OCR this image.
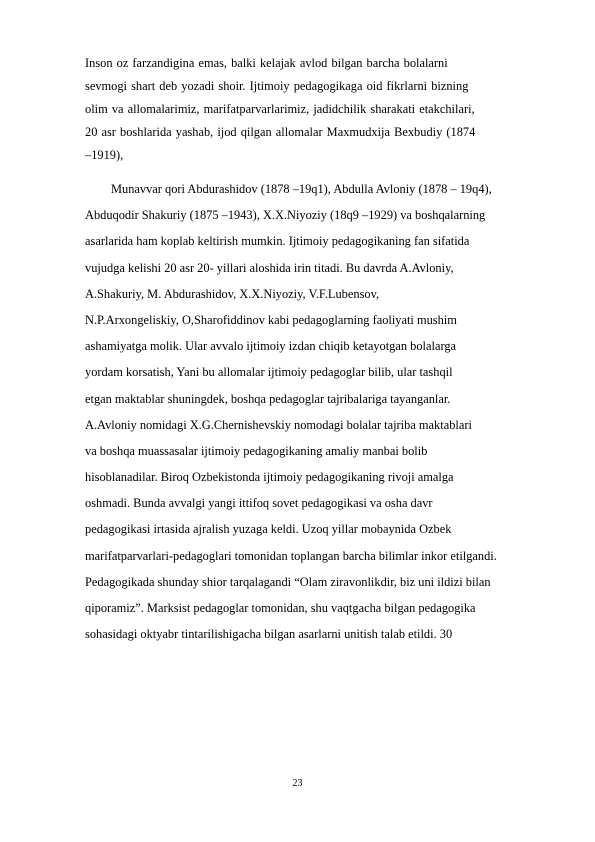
Inson oz farzandigina emas, balki kelajak avlod bilgan barcha bolalarni
sevmogi shart deb yozadi shoir. Ijtimoiy pedagogikaga oid fikrlarni bizning
olim va allomalarimiz, marifatparvarlarimiz, jadidchilik sharakati etakchilari,
20 asr boshlarida yashab, ijod qilgan allomalar Maxmudxija Bexbudiy (1874
–1919),
Munavvar qori Abdurashidov (1878 –19q1), Abdulla Avloniy (1878 – 19q4),
Abduqodir Shakuriy (1875 –1943), X.X.Niyoziy (18q9 –1929) va boshqalarning
asarlarida ham koplab keltirish mumkin. Ijtimoiy pedagogikaning fan sifatida
vujudga kelishi 20 asr 20- yillari aloshida irin titadi. Bu davrda A.Avloniy,
A.Shakuriy, M. Abdurashidov, X.X.Niyoziy, V.F.Lubensov,
N.P.Arxongeliskiy, O,Sharofiddinov kabi pedagoglarning faoliyati mushim
ashamiyatga molik. Ular avvalo ijtimoiy izdan chiqib ketayotgan bolalarga
yordam korsatish, Yani bu allomalar ijtimoiy pedagoglar bilib, ular tashqil
etgan maktablar shuningdek, boshqa pedagoglar tajribalariga tayanganlar.
A.Avloniy nomidagi X.G.Chernishevskiy nomodagi bolalar tajriba maktablari
va boshqa muassasalar ijtimoiy pedagogikaning amaliy manbai bolib
hisoblanadilar. Biroq Ozbekistonda ijtimoiy pedagogikaning rivoji amalga
oshmadi. Bunda avvalgi yangi ittifoq sovet pedagogikasi va osha davr
pedagogikasi irtasida ajralish yuzaga keldi. Uzoq yillar mobaynida Ozbek
marifatparvarlari-pedagoglari tomonidan toplangan barcha bilimlar inkor etilgandi.
Pedagogikada shunday shior tarqalagandi “Olam ziravonlikdir, biz uni ildizi bilan
qiporamiz”. Marksist pedagoglar tomonidan, shu vaqtgacha bilgan pedagogika
sohasidagi oktyabr tintarilishigacha bilgan asarlarni unitish talab etildi. 30
23
